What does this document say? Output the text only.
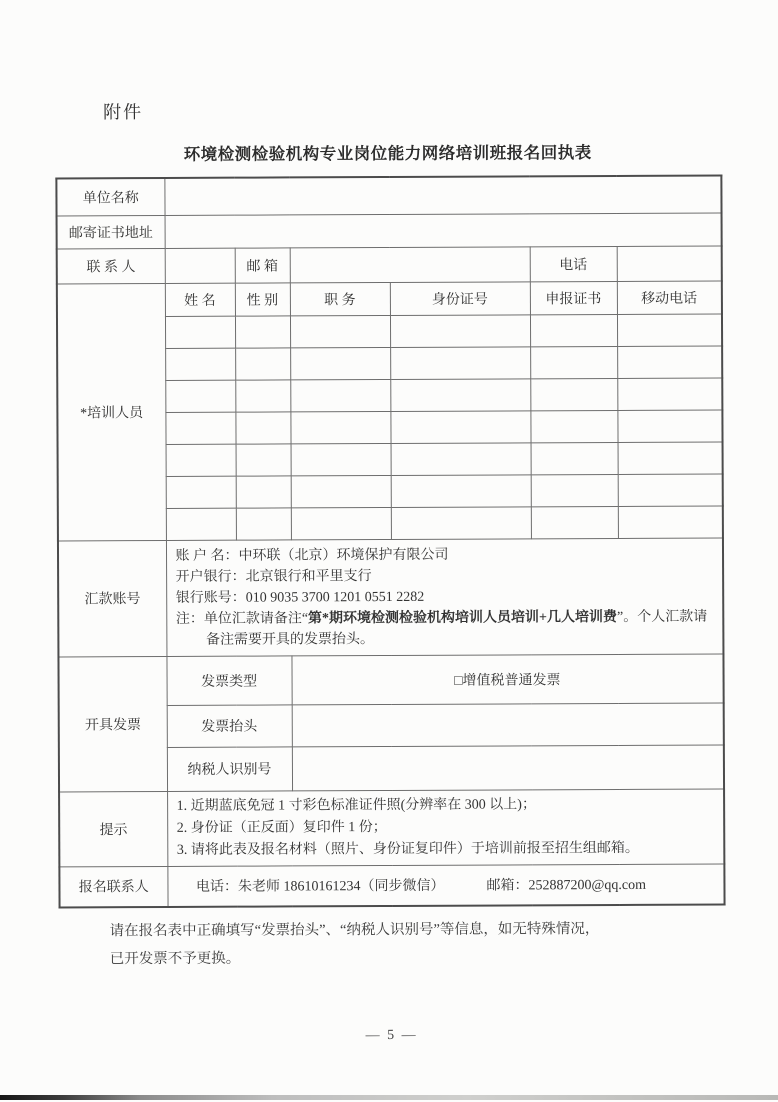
附件
环境检测检验机构专业岗位能力网络培训班报名回执表
单位名称						
邮寄证书地址						
联 系 人		邮 箱			电话	
*培训人员	姓 名	性 别	职 务	身份证号	申报证书	移动电话

汇款账号	账 户 名：中环联（北京）环境保护有限公司
开户银行：北京银行和平里支行
银行账号：010 9035 3700 1201 0551 2282
注：单位汇款请备注“第*期环境检测检验机构培训人员培训+几人培训费”。个人汇款请备注需要开具的发票抬头。					

开具发票	发票类型		□增值税普通发票			
	发票抬头					
	纳税人识别号					
提示	1. 近期蓝底免冠 1 寸彩色标准证件照(分辨率在 300 以上)；
2. 身份证（正反面）复印件 1 份；
3. 请将此表及报名材料（照片、身份证复印件）于培训前报至招生组邮箱。					

报名联系人	电话：朱老师 18610161234（同步微信） 邮箱：252887200@qq.com					
请在报名表中正确填写“发票抬头”、“纳税人识别号”等信息，如无特殊情况，
已开发票不予更换。
— 5 —
